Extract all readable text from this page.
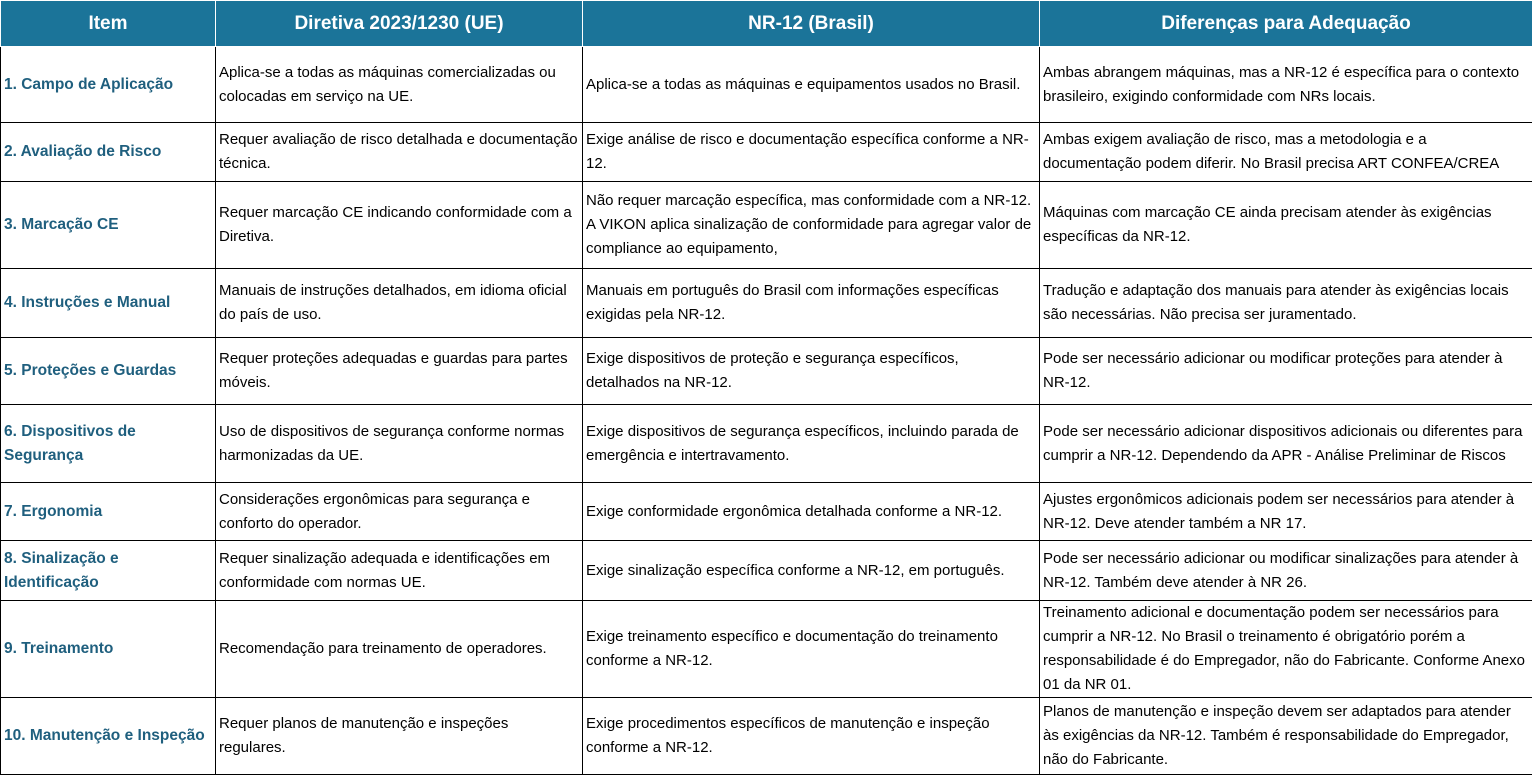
Item	Diretiva 2023/1230 (UE)	NR-12 (Brasil)	Diferenças para Adequação
1. Campo de Aplicação	Aplica-se a todas as máquinas comercializadas ou colocadas em serviço na UE.	Aplica-se a todas as máquinas e equipamentos usados no Brasil.	Ambas abrangem máquinas, mas a NR-12 é específica para o contexto brasileiro, exigindo conformidade com NRs locais.
2. Avaliação de Risco	Requer avaliação de risco detalhada e documentação técnica.	Exige análise de risco e documentação específica conforme a NR-12.	Ambas exigem avaliação de risco, mas a metodologia e a documentação podem diferir. No Brasil precisa ART CONFEA/CREA
3. Marcação CE	Requer marcação CE indicando conformidade com a Diretiva.	Não requer marcação específica, mas conformidade com a NR-12. A VIKON aplica sinalização de conformidade para agregar valor de compliance ao equipamento,	Máquinas com marcação CE ainda precisam atender às exigências específicas da NR-12.
4. Instruções e Manual	Manuais de instruções detalhados, em idioma oficial do país de uso.	Manuais em português do Brasil com informações específicas exigidas pela NR-12.	Tradução e adaptação dos manuais para atender às exigências locais são necessárias. Não precisa ser juramentado.
5. Proteções e Guardas	Requer proteções adequadas e guardas para partes móveis.	Exige dispositivos de proteção e segurança específicos, detalhados na NR-12.	Pode ser necessário adicionar ou modificar proteções para atender à NR-12.
6. Dispositivos de Segurança	Uso de dispositivos de segurança conforme normas harmonizadas da UE.	Exige dispositivos de segurança específicos, incluindo parada de emergência e intertravamento.	Pode ser necessário adicionar dispositivos adicionais ou diferentes para cumprir a NR-12. Dependendo da APR - Análise Preliminar de Riscos
7. Ergonomia	Considerações ergonômicas para segurança e conforto do operador.	Exige conformidade ergonômica detalhada conforme a NR-12.	Ajustes ergonômicos adicionais podem ser necessários para atender à NR-12. Deve atender também a NR 17.
8. Sinalização e Identificação	Requer sinalização adequada e identificações em conformidade com normas UE.	Exige sinalização específica conforme a NR-12, em português.	Pode ser necessário adicionar ou modificar sinalizações para atender à NR-12. Também deve atender à NR 26.
9. Treinamento	Recomendação para treinamento de operadores.	Exige treinamento específico e documentação do treinamento conforme a NR-12.	Treinamento adicional e documentação podem ser necessários para cumprir a NR-12. No Brasil o treinamento é obrigatório porém a responsabilidade é do Empregador, não do Fabricante. Conforme Anexo 01 da NR 01.
10. Manutenção e Inspeção	Requer planos de manutenção e inspeções regulares.	Exige procedimentos específicos de manutenção e inspeção conforme a NR-12.	Planos de manutenção e inspeção devem ser adaptados para atender às exigências da NR-12. Também é responsabilidade do Empregador, não do Fabricante.
